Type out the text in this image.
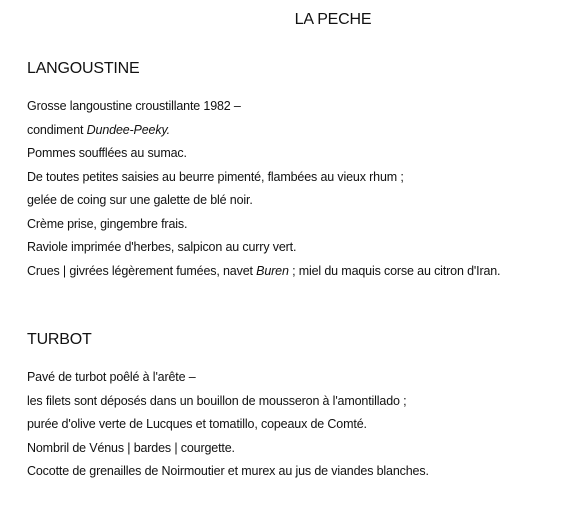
LA PECHE
LANGOUSTINE
Grosse langoustine croustillante 1982 –
condiment Dundee-Peeky.
Pommes soufflées au sumac.
De toutes petites saisies au beurre pimenté, flambées au vieux rhum ;
gelée de coing sur une galette de blé noir.
Crème prise, gingembre frais.
Raviole imprimée d'herbes, salpicon au curry vert.
Crues | givrées légèrement fumées, navet Buren ; miel du maquis corse au citron d'Iran.
TURBOT
Pavé de turbot poêlé à l'arête –
les filets sont déposés dans un bouillon de mousseron à l'amontillado ;
purée d'olive verte de Lucques et tomatillo, copeaux de Comté.
Nombril de Vénus | bardes | courgette.
Cocotte de grenailles de Noirmoutier et murex au jus de viandes blanches.
